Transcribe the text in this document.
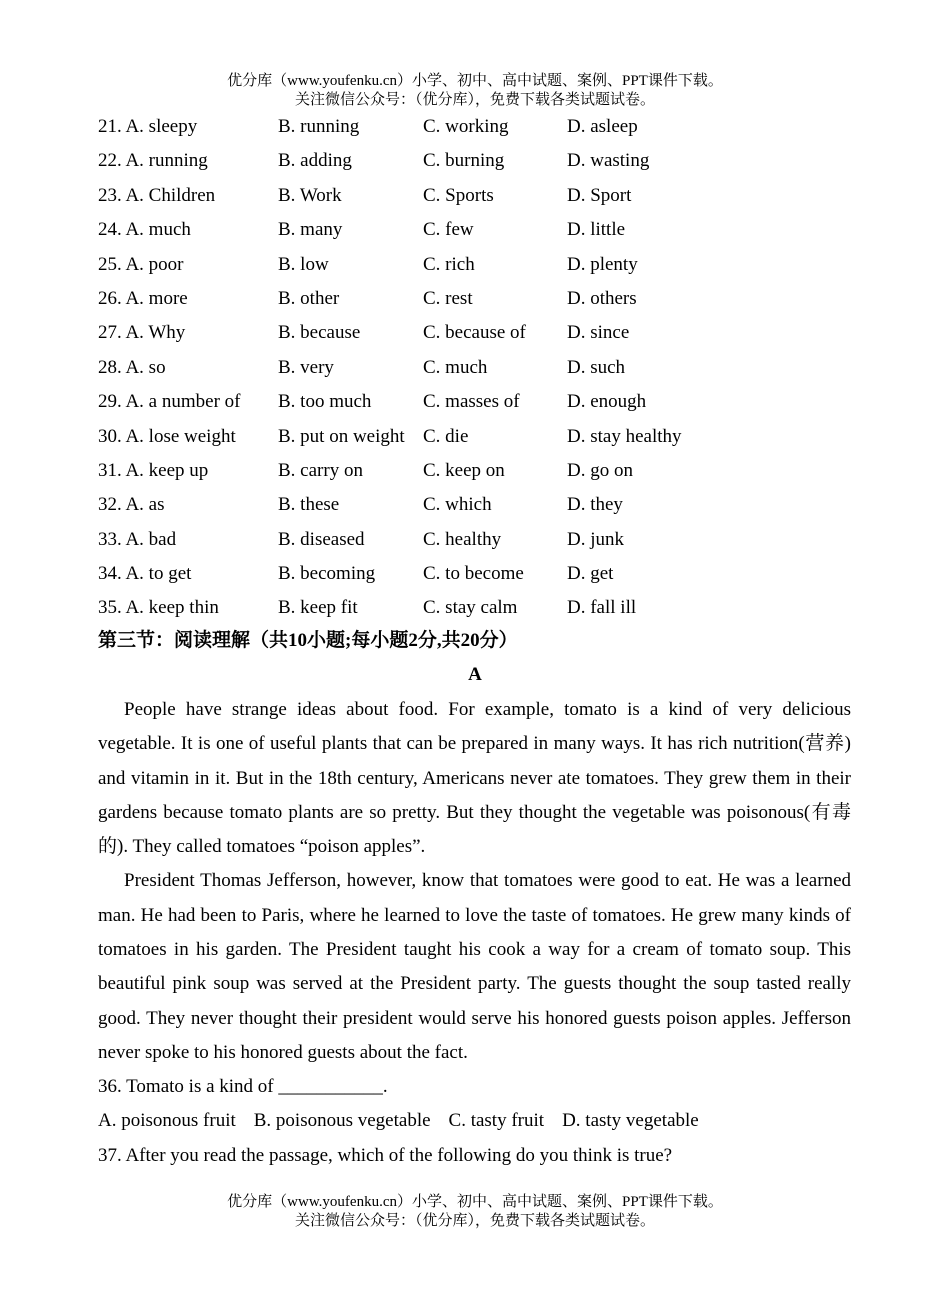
优分库（www.youfenku.cn）小学、初中、高中试题、案例、PPT课件下载。
关注微信公众号：（优分库），免费下载各类试题试卷。
21. A. sleepy	B. running	C. working	D. asleep
22. A. running	B. adding	C. burning	D. wasting
23. A. Children	B. Work	C. Sports	D. Sport
24. A. much	B. many	C. few	D. little
25. A. poor	B. low	C. rich	D. plenty
26. A. more	B. other	C. rest	D. others
27. A. Why	B. because	C. because of D. since
28. A. so	B. very	C. much	D. such
29. A. a number of B. too much	C. masses of D. enough
30. A. lose weight B. put on weight C. die	D. stay healthy
31. A. keep up	B. carry on	C. keep on	D. go on
32. A. as	B. these	C. which	D. they
33. A. bad	B. diseased	C. healthy	D. junk
34. A. to get	B. becoming	C. to become D. get
35. A. keep thin	B. keep fit	C. stay calm	D. fall ill
第三节：阅读理解（共10小题;每小题2分,共20分）
A

People have strange ideas about food. For example, tomato is a kind of very delicious vegetable. It is one of useful plants that can be prepared in many ways. It has rich nutrition(营养) and vitamin in it. But in the 18th century, Americans never ate tomatoes. They grew them in their gardens because tomato plants are so pretty. But they thought the vegetable was poisonous(有毒的). They called tomatoes “poison apples”.

President Thomas Jefferson, however, know that tomatoes were good to eat. He was a learned man. He had been to Paris, where he learned to love the taste of tomatoes. He grew many kinds of tomatoes in his garden. The President taught his cook a way for a cream of tomato soup. This beautiful pink soup was served at the President party. The guests thought the soup tasted really good. They never thought their president would serve his honored guests poison apples. Jefferson never spoke to his honored guests about the fact.

36. Tomato is a kind of ___________.

A. poisonous fruit B. poisonous vegetable C. tasty fruit D. tasty vegetable

37. After you read the passage, which of the following do you think is true?

优分库（www.youfenku.cn）小学、初中、高中试题、案例、PPT课件下载。
关注微信公众号：（优分库），免费下载各类试题试卷。
